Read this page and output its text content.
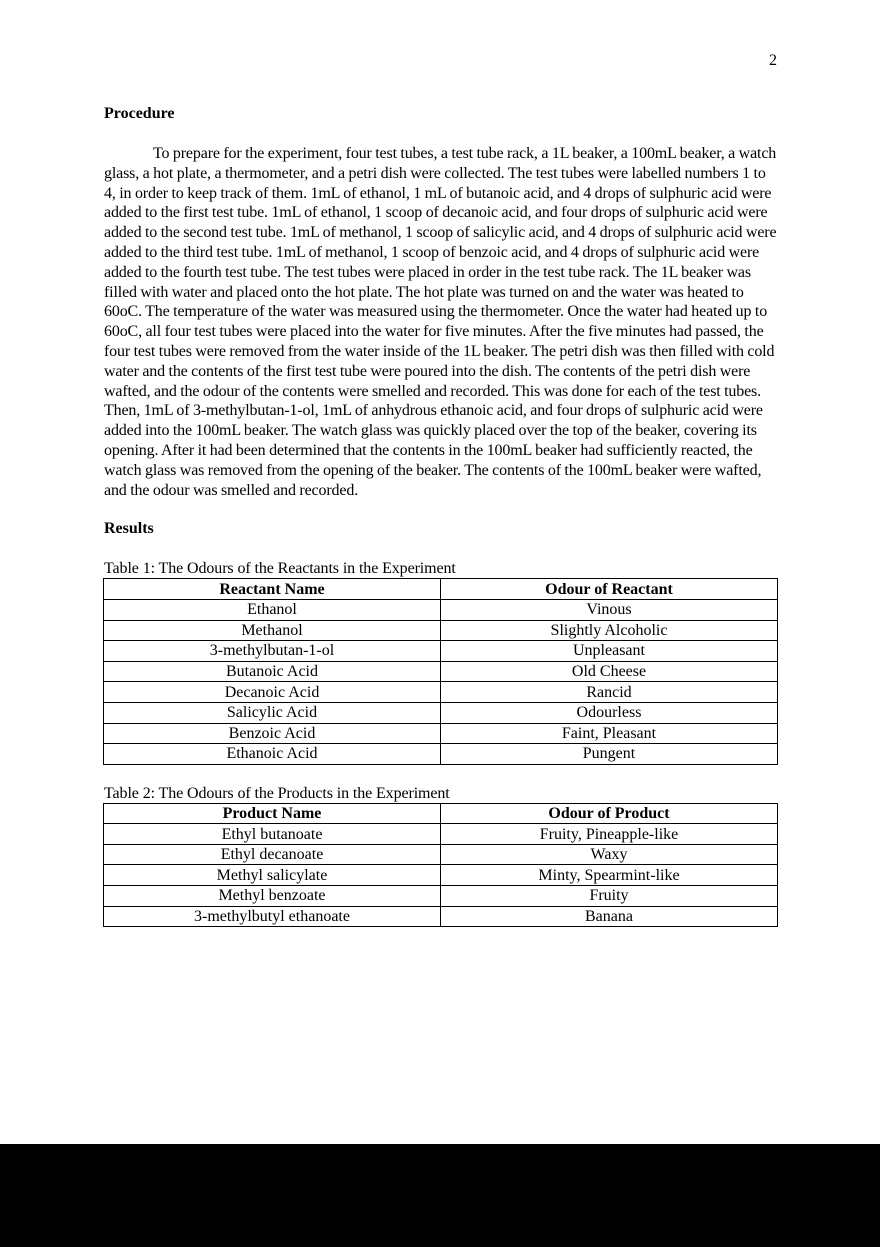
2
Procedure

To prepare for the experiment, four test tubes, a test tube rack, a 1L beaker, a 100mL beaker, a watch glass, a hot plate, a thermometer, and a petri dish were collected. The test tubes were labelled numbers 1 to 4, in order to keep track of them. 1mL of ethanol, 1 mL of butanoic acid, and 4 drops of sulphuric acid were added to the first test tube. 1mL of ethanol, 1 scoop of decanoic acid, and four drops of sulphuric acid were added to the second test tube. 1mL of methanol, 1 scoop of salicylic acid, and 4 drops of sulphuric acid were added to the third test tube. 1mL of methanol, 1 scoop of benzoic acid, and 4 drops of sulphuric acid were added to the fourth test tube. The test tubes were placed in order in the test tube rack. The 1L beaker was filled with water and placed onto the hot plate. The hot plate was turned on and the water was heated to 60oC. The temperature of the water was measured using the thermometer. Once the water had heated up to 60oC, all four test tubes were placed into the water for five minutes. After the five minutes had passed, the four test tubes were removed from the water inside of the 1L beaker. The petri dish was then filled with cold water and the contents of the first test tube were poured into the dish. The contents of the petri dish were wafted, and the odour of the contents were smelled and recorded. This was done for each of the test tubes. Then, 1mL of 3-methylbutan-1-ol, 1mL of anhydrous ethanoic acid, and four drops of sulphuric acid were added into the 100mL beaker. The watch glass was quickly placed over the top of the beaker, covering its opening. After it had been determined that the contents in the 100mL beaker had sufficiently reacted, the watch glass was removed from the opening of the beaker. The contents of the 100mL beaker were wafted, and the odour was smelled and recorded.

Results

Table 1: The Odours of the Reactants in the Experiment

Reactant Name	Odour of Reactant
Ethanol	Vinous
Methanol	Slightly Alcoholic
3-methylbutan-1-ol	Unpleasant
Butanoic Acid	Old Cheese
Decanoic Acid	Rancid
Salicylic Acid	Odourless
Benzoic Acid	Faint, Pleasant
Ethanoic Acid	Pungent

Table 2: The Odours of the Products in the Experiment

Product Name	Odour of Product
Ethyl butanoate	Fruity, Pineapple-like
Ethyl decanoate	Waxy
Methyl salicylate	Minty, Spearmint-like
Methyl benzoate	Fruity
3-methylbutyl ethanoate	Banana
